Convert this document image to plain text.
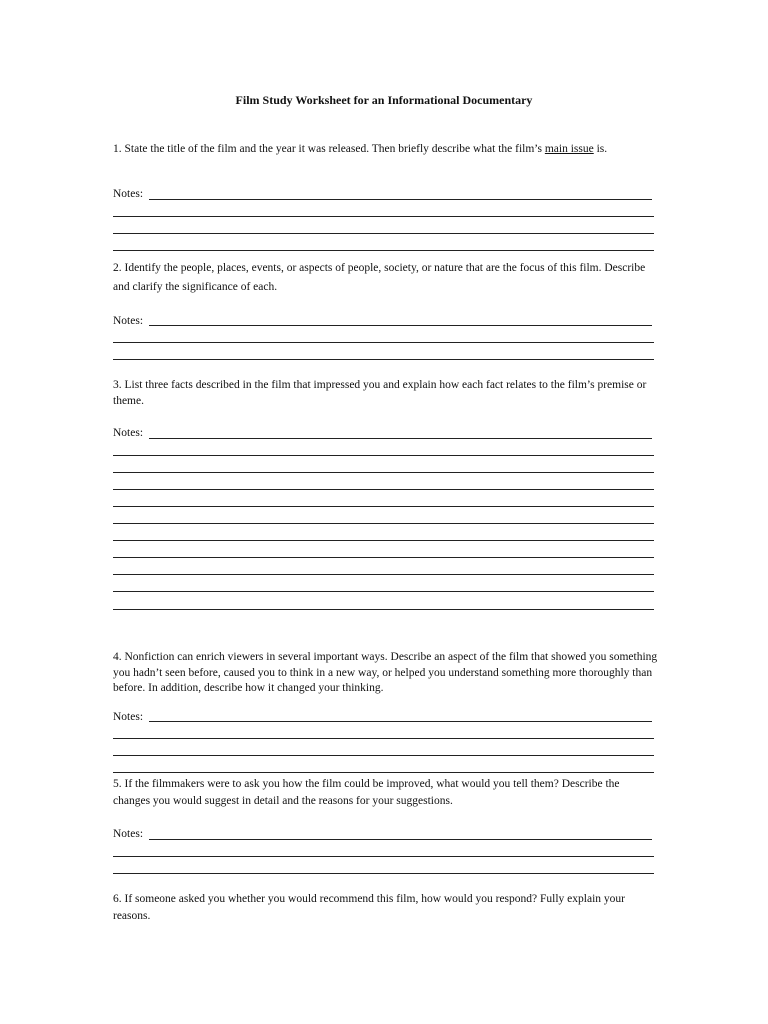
Film Study Worksheet for an Informational Documentary

1. State the title of the film and the year it was released. Then briefly describe what the film’s main issue is.

Notes:

2. Identify the people, places, events, or aspects of people, society, or nature that are the focus of this film. Describe and clarify the significance of each.

Notes:

3. List three facts described in the film that impressed you and explain how each fact relates to the film’s premise or theme.

Notes:

4. Nonfiction can enrich viewers in several important ways. Describe an aspect of the film that showed you something you hadn’t seen before, caused you to think in a new way, or helped you understand something more thoroughly than before. In addition, describe how it changed your thinking.

Notes:

5. If the filmmakers were to ask you how the film could be improved, what would you tell them? Describe the changes you would suggest in detail and the reasons for your suggestions.

Notes:

6. If someone asked you whether you would recommend this film, how would you respond? Fully explain your reasons.
